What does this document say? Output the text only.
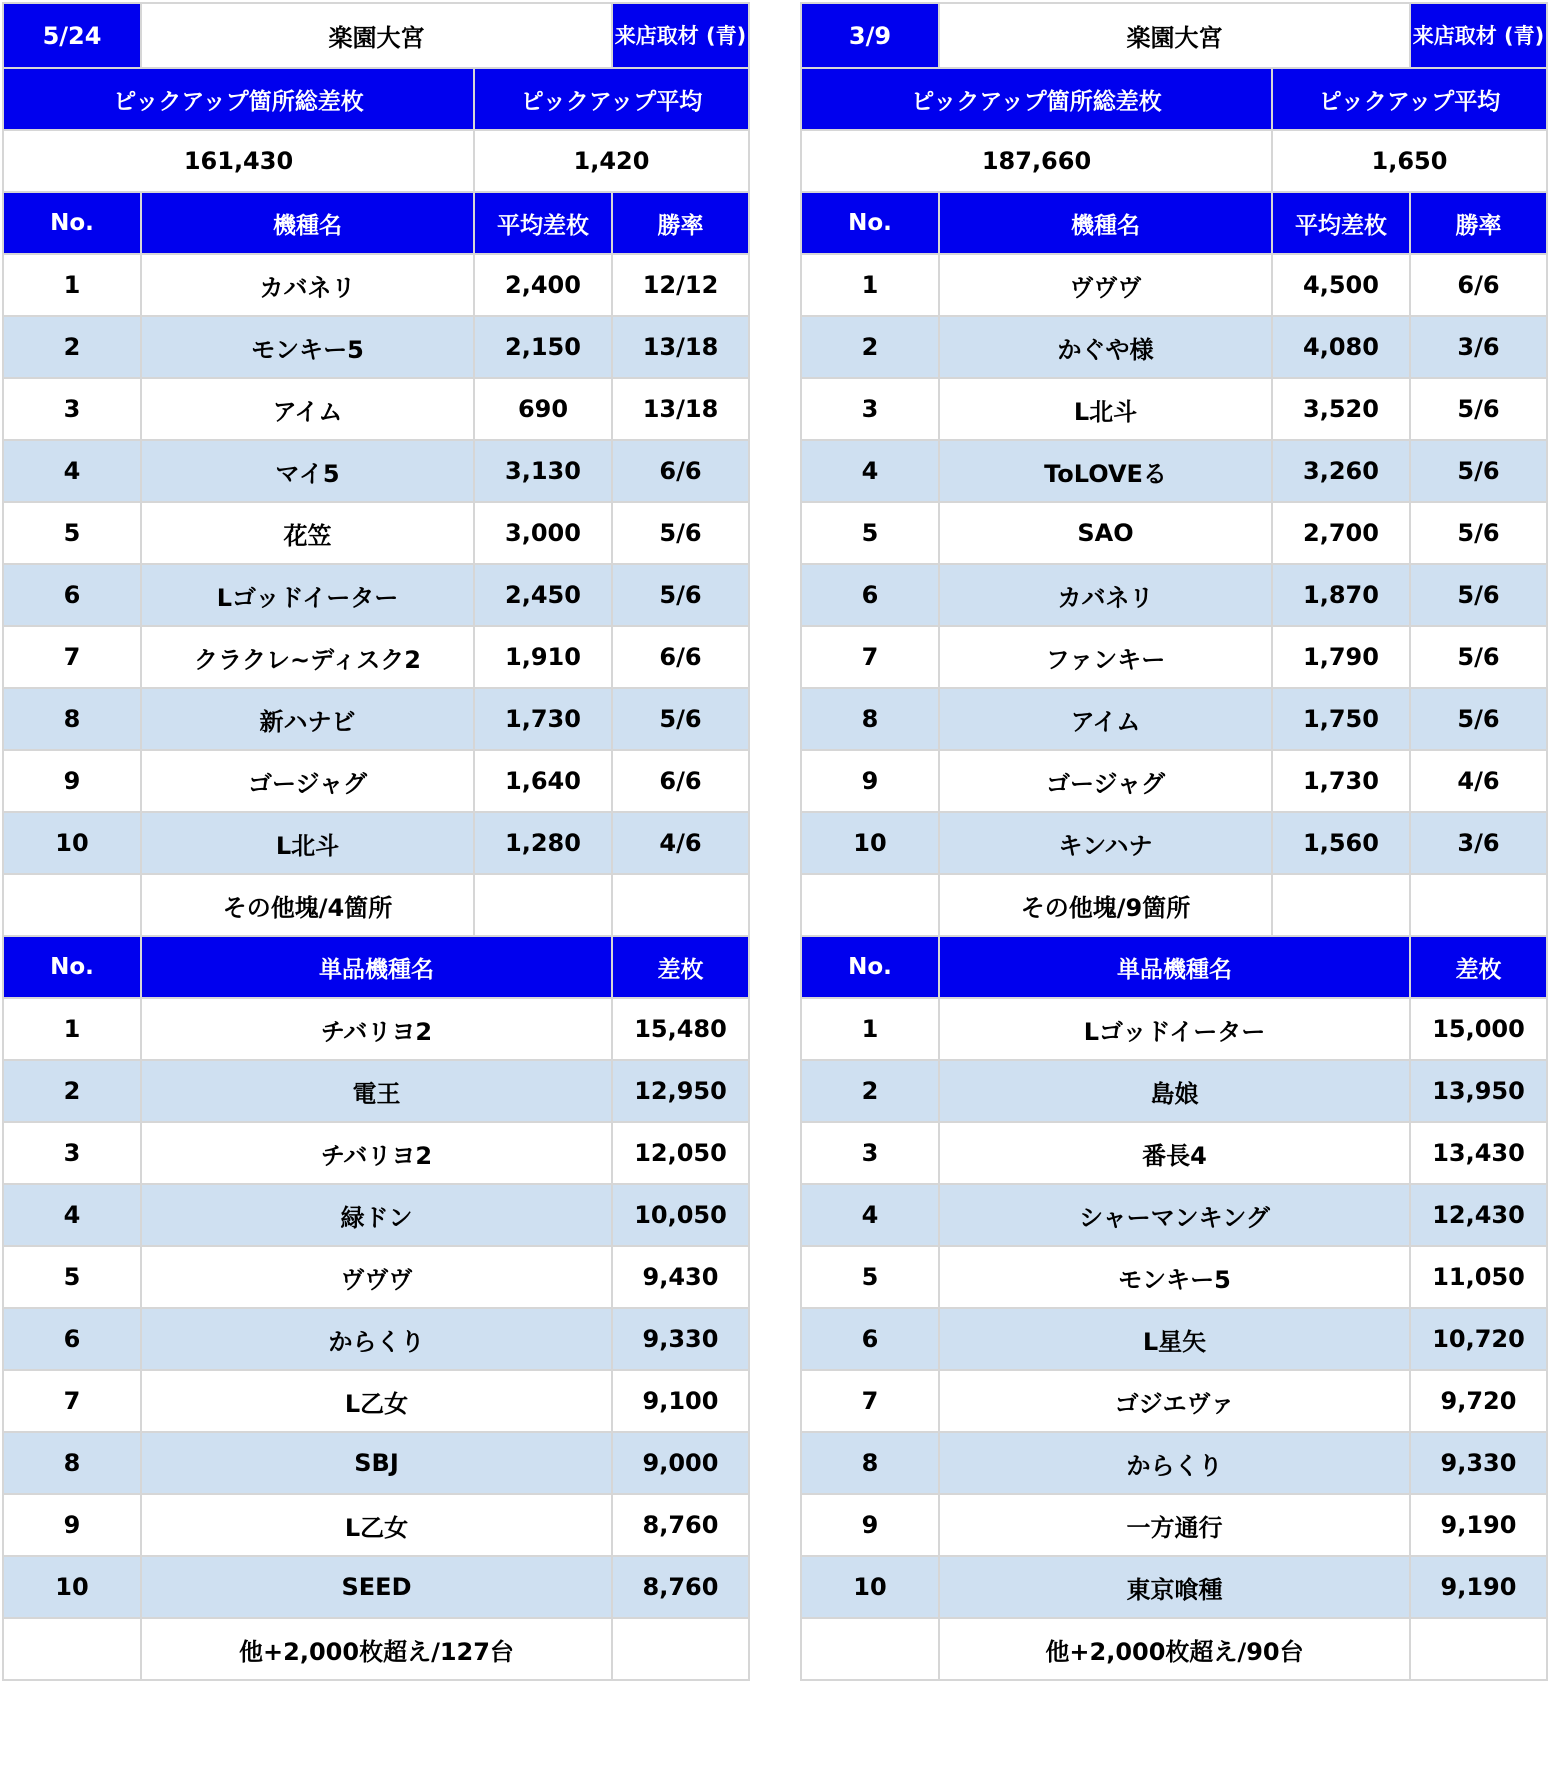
5/24	楽園大宮		来店取材 (青)
ピックアップ箇所総差枚		ピックアップ平均	
161,430		1,420	
No.	機種名	平均差枚	勝率
1	カバネリ	2,400	12/12
2	モンキー5	2,150	13/18
3	アイム	690	13/18
4	マイ5	3,130	6/6
5	花笠	3,000	5/6
6	Lゴッドイーター	2,450	5/6
7	クラクレ~ディスク2	1,910	6/6
8	新ハナビ	1,730	5/6
9	ゴージャグ	1,640	6/6
10	L北斗	1,280	4/6
	その他塊/4箇所		
No.	単品機種名		差枚
1	チバリヨ2		15,480
2	電王		12,950
3	チバリヨ2		12,050
4	緑ドン		10,050
5	ヴヴヴ		9,430
6	からくり		9,330
7	L乙女		9,100
8	SBJ		9,000
9	L乙女		8,760
10	SEED		8,760
	他+2,000枚超え/127台		
3/9	楽園大宮		来店取材 (青)
ピックアップ箇所総差枚		ピックアップ平均	
187,660		1,650	
No.	機種名	平均差枚	勝率
1	ヴヴヴ	4,500	6/6
2	かぐや様	4,080	3/6
3	L北斗	3,520	5/6
4	ToLOVEる	3,260	5/6
5	SAO	2,700	5/6
6	カバネリ	1,870	5/6
7	ファンキー	1,790	5/6
8	アイム	1,750	5/6
9	ゴージャグ	1,730	4/6
10	キンハナ	1,560	3/6
	その他塊/9箇所		
No.	単品機種名		差枚
1	Lゴッドイーター		15,000
2	島娘		13,950
3	番長4		13,430
4	シャーマンキング		12,430
5	モンキー5		11,050
6	L星矢		10,720
7	ゴジエヴァ		9,720
8	からくり		9,330
9	一方通行		9,190
10	東京喰種		9,190
	他+2,000枚超え/90台		
